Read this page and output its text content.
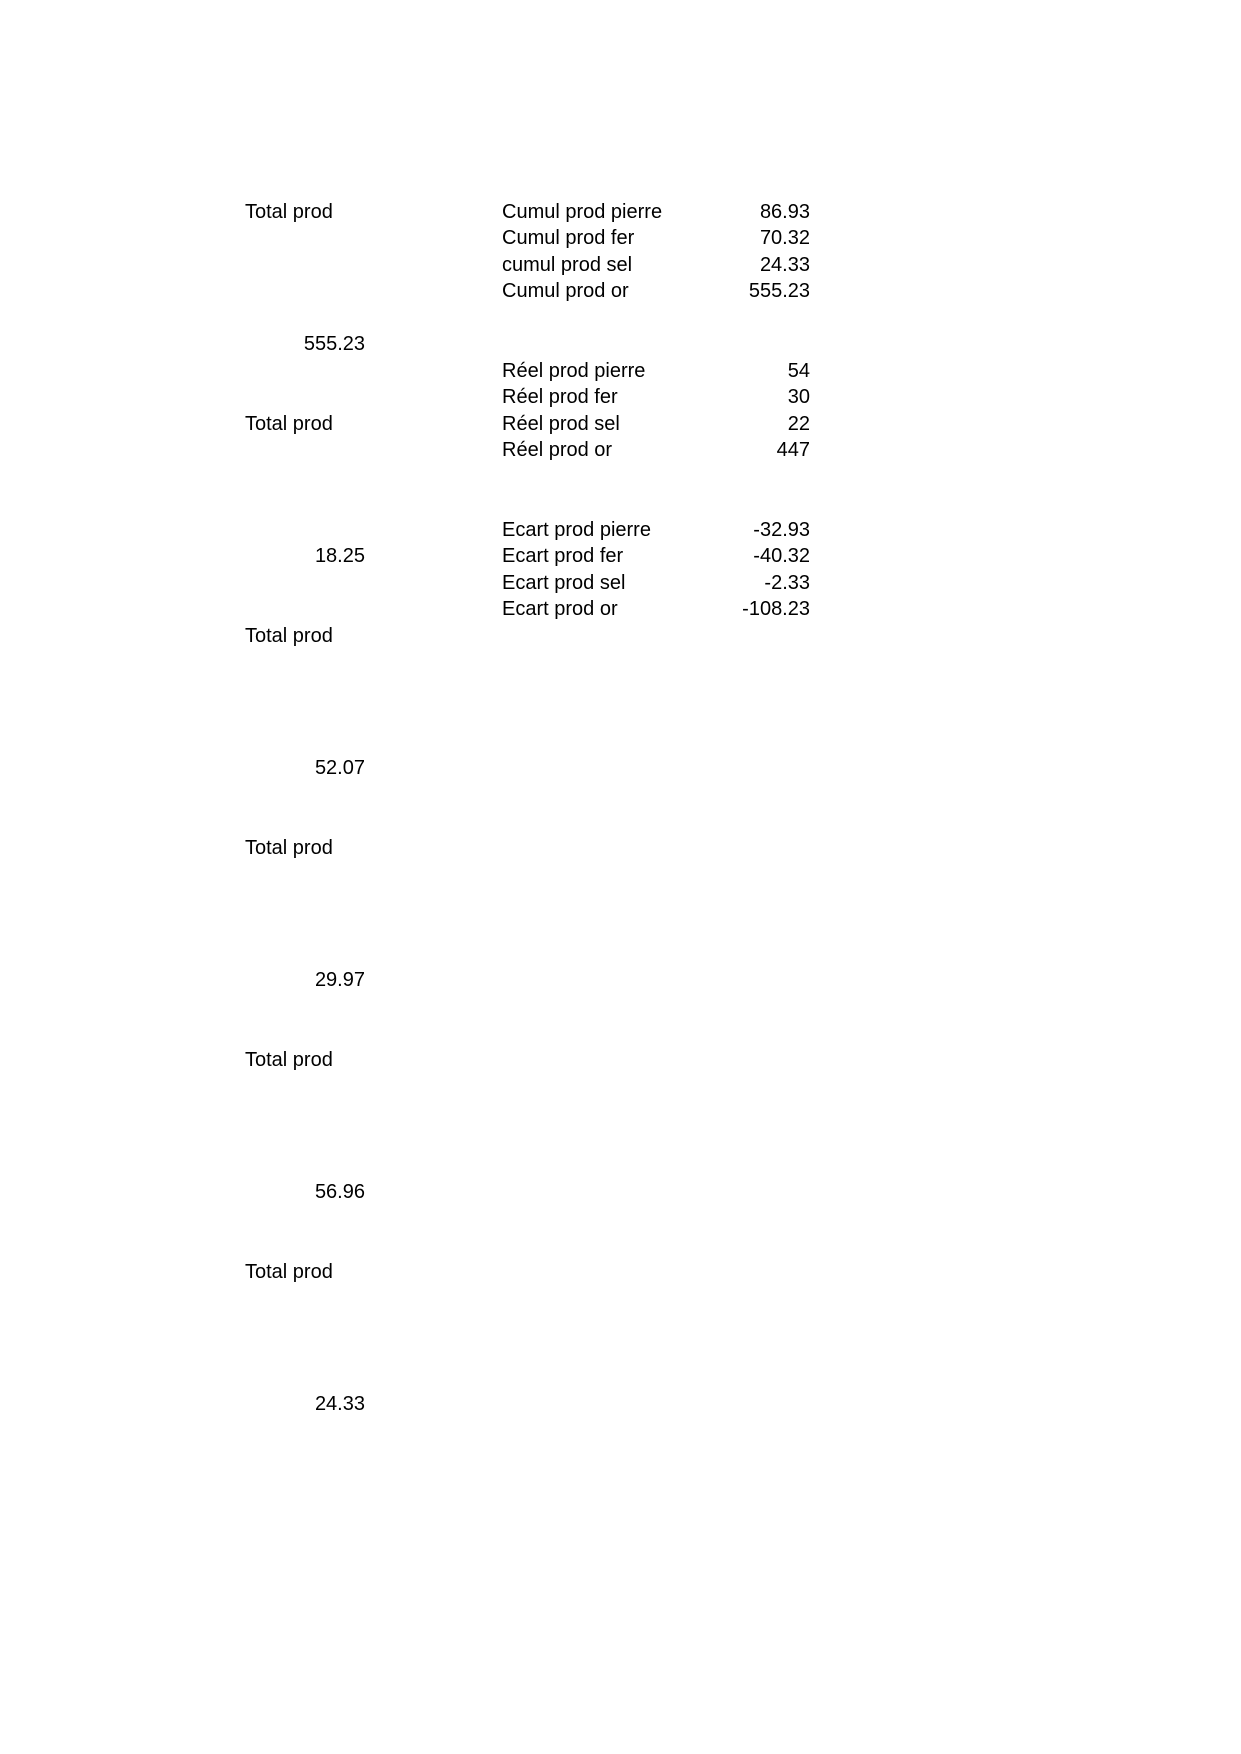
Total prod
555.23
Total prod
18.25
Total prod
52.07
Total prod
29.97
Total prod
56.96
Total prod
24.33
Cumul prod pierre	86.93
Cumul prod fer	70.32
cumul prod sel	24.33
Cumul prod or	555.23
Réel prod pierre	54
Réel prod fer	30
Réel prod sel	22
Réel prod or	447
Ecart prod pierre	-32.93
Ecart prod fer	-40.32
Ecart prod sel	-2.33
Ecart prod or	-108.23
